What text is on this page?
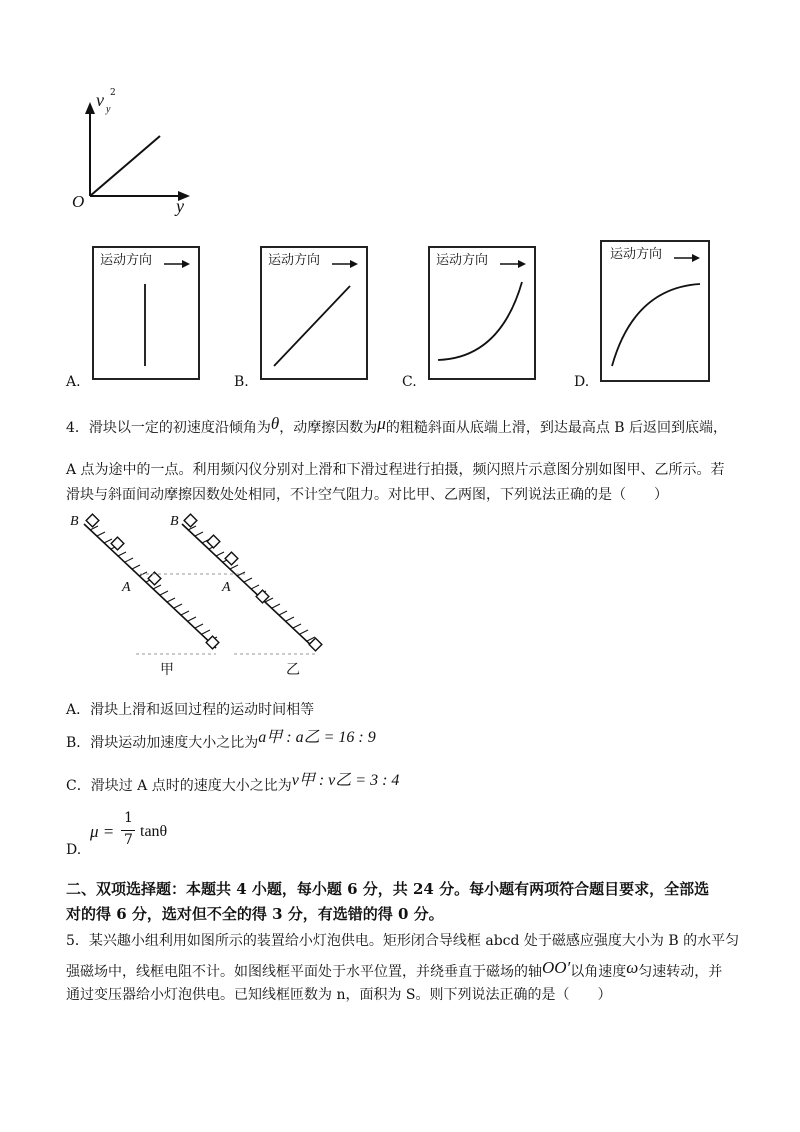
v y
2
O	y
运动方向
A.
运动方向
B.
运动方向
C.
运动方向
D.
4．滑块以一定的初速度沿倾角为θ，动摩擦因数为μ的粗糙斜面从底端上滑，到达最高点 B 后返回到底端，
A 点为途中的一点。利用频闪仪分别对上滑和下滑过程进行拍摄，频闪照片示意图分别如图甲、乙所示。若
滑块与斜面间动摩擦因数处处相同，不计空气阻力。对比甲、乙两图，下列说法正确的是（　　）
B
A
B
A
甲	乙
A．滑块上滑和返回过程的运动时间相等
B．滑块运动加速度大小之比为a甲 : a乙 = 16 : 9
C．滑块过 A 点时的速度大小之比为v甲 : v乙 = 3 : 4
D.
μ =
1
7 tanθ
二、双项选择题：本题共 4 小题，每小题 6 分，共 24 分。每小题有两项符合题目要求，全部选
对的得 6 分，选对但不全的得 3 分，有选错的得 0 分。
5．某兴趣小组利用如图所示的装置给小灯泡供电。矩形闭合导线框 abcd 处于磁感应强度大小为 B 的水平匀
强磁场中，线框电阻不计。如图线框平面处于水平位置，并绕垂直于磁场的轴OO′以角速度ω匀速转动，并
通过变压器给小灯泡供电。已知线框匝数为 n，面积为 S。则下列说法正确的是（　　）
